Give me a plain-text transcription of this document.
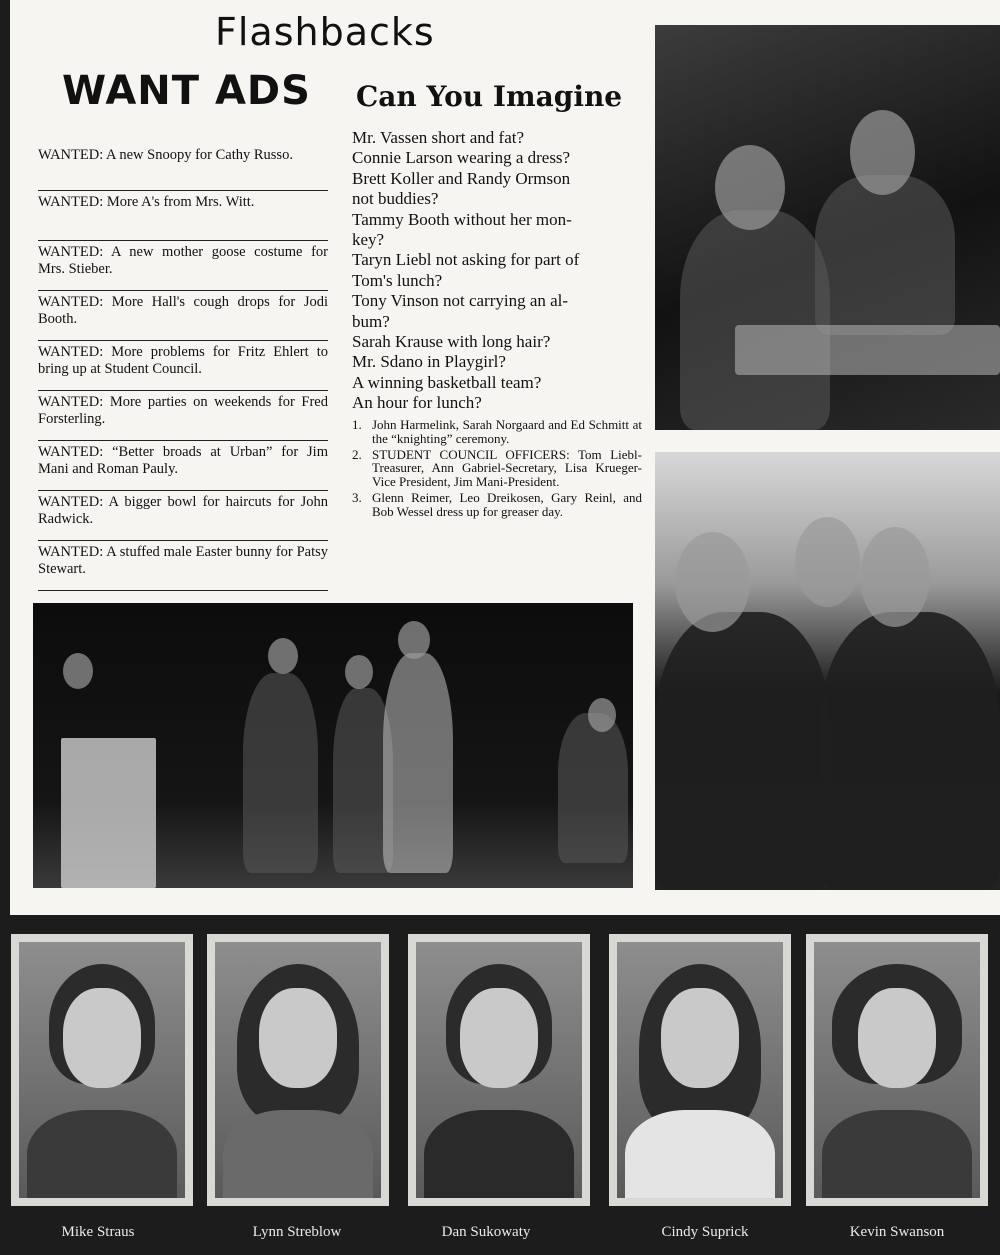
Flashbacks
WANT ADS Can You Imagine
WANTED: A new Snoopy for Cathy Russo.
WANTED: More A's from Mrs. Witt.
WANTED: A new mother goose costume for Mrs. Stieber.
WANTED: More Hall's cough drops for Jodi Booth.
WANTED: More problems for Fritz Ehlert to bring up at Student Council.
WANTED: More parties on weekends for Fred Forsterling.
WANTED: “Better broads at Urban” for Jim Mani and Roman Pauly.
WANTED: A bigger bowl for haircuts for John Radwick.
WANTED: A stuffed male Easter bunny for Patsy Stewart.
Mr. Vassen short and fat?
Connie Larson wearing a dress?
Brett Koller and Randy Ormson
not buddies?
Tammy Booth without her mon-
key?
Taryn Liebl not asking for part of
Tom's lunch?
Tony Vinson not carrying an al-
bum?
Sarah Krause with long hair?
Mr. Sdano in Playgirl?
A winning basketball team?
An hour for lunch?
1. John Harmelink, Sarah Norgaard and Ed Schmitt at the “knighting” ceremony.
2. STUDENT COUNCIL OFFICERS: Tom Liebl-Treasurer, Ann Gabriel-Secretary, Lisa Krueger-Vice President, Jim Mani-President.
3. Glenn Reimer, Leo Dreikosen, Gary Reinl, and Bob Wessel dress up for greaser day.
Mike Straus	Lynn Streblow	Dan Sukowaty	Cindy Suprick	Kevin Swanson
